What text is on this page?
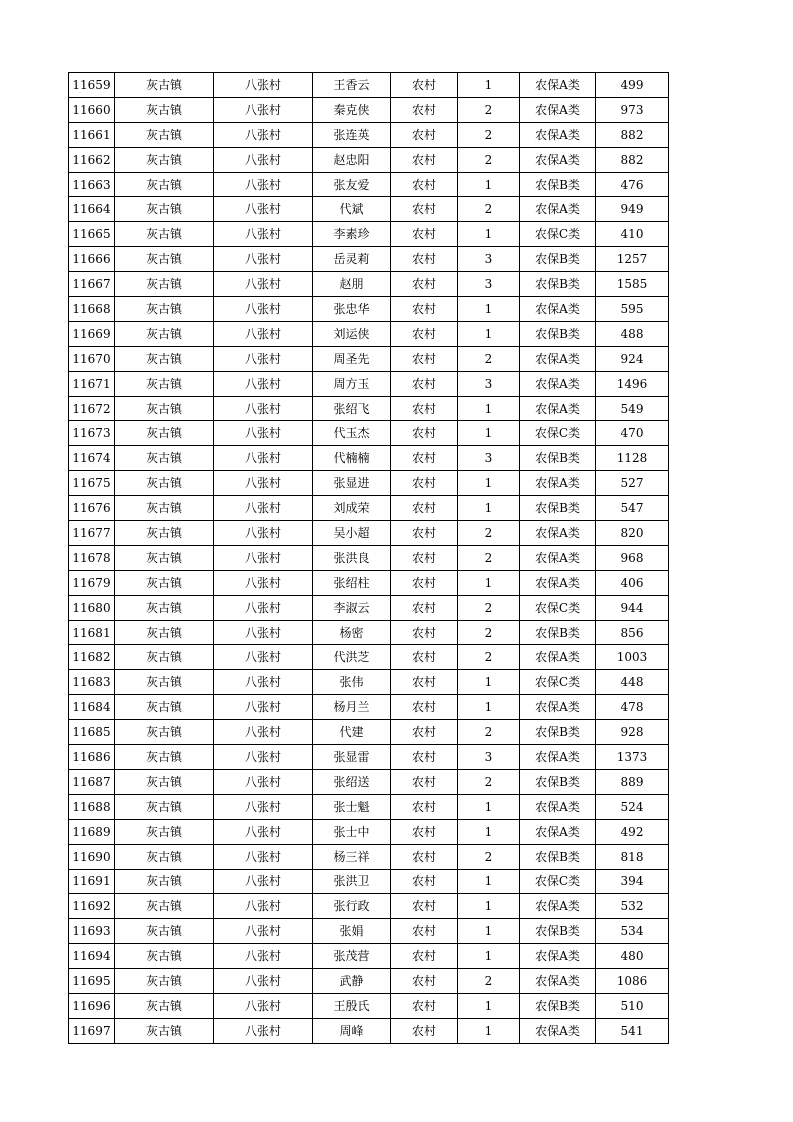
11659	灰古镇	八张村	王香云	农村	1	农保A类	499
11660	灰古镇	八张村	秦克侠	农村	2	农保A类	973
11661	灰古镇	八张村	张连英	农村	2	农保A类	882
11662	灰古镇	八张村	赵忠阳	农村	2	农保A类	882
11663	灰古镇	八张村	张友爱	农村	1	农保B类	476
11664	灰古镇	八张村	代斌	农村	2	农保A类	949
11665	灰古镇	八张村	李素珍	农村	1	农保C类	410
11666	灰古镇	八张村	岳灵莉	农村	3	农保B类	1257
11667	灰古镇	八张村	赵朋	农村	3	农保B类	1585
11668	灰古镇	八张村	张忠华	农村	1	农保A类	595
11669	灰古镇	八张村	刘运侠	农村	1	农保B类	488
11670	灰古镇	八张村	周圣先	农村	2	农保A类	924
11671	灰古镇	八张村	周方玉	农村	3	农保A类	1496
11672	灰古镇	八张村	张绍飞	农村	1	农保A类	549
11673	灰古镇	八张村	代玉杰	农村	1	农保C类	470
11674	灰古镇	八张村	代楠楠	农村	3	农保B类	1128
11675	灰古镇	八张村	张显进	农村	1	农保A类	527
11676	灰古镇	八张村	刘成荣	农村	1	农保B类	547
11677	灰古镇	八张村	吴小超	农村	2	农保A类	820
11678	灰古镇	八张村	张洪良	农村	2	农保A类	968
11679	灰古镇	八张村	张绍柱	农村	1	农保A类	406
11680	灰古镇	八张村	李淑云	农村	2	农保C类	944
11681	灰古镇	八张村	杨密	农村	2	农保B类	856
11682	灰古镇	八张村	代洪芝	农村	2	农保A类	1003
11683	灰古镇	八张村	张伟	农村	1	农保C类	448
11684	灰古镇	八张村	杨月兰	农村	1	农保A类	478
11685	灰古镇	八张村	代建	农村	2	农保B类	928
11686	灰古镇	八张村	张显雷	农村	3	农保A类	1373
11687	灰古镇	八张村	张绍送	农村	2	农保B类	889
11688	灰古镇	八张村	张士魁	农村	1	农保A类	524
11689	灰古镇	八张村	张士中	农村	1	农保A类	492
11690	灰古镇	八张村	杨三祥	农村	2	农保B类	818
11691	灰古镇	八张村	张洪卫	农村	1	农保C类	394
11692	灰古镇	八张村	张行政	农村	1	农保A类	532
11693	灰古镇	八张村	张娟	农村	1	农保B类	534
11694	灰古镇	八张村	张茂营	农村	1	农保A类	480
11695	灰古镇	八张村	武静	农村	2	农保A类	1086
11696	灰古镇	八张村	王殷氏	农村	1	农保B类	510
11697	灰古镇	八张村	周峰	农村	1	农保A类	541
